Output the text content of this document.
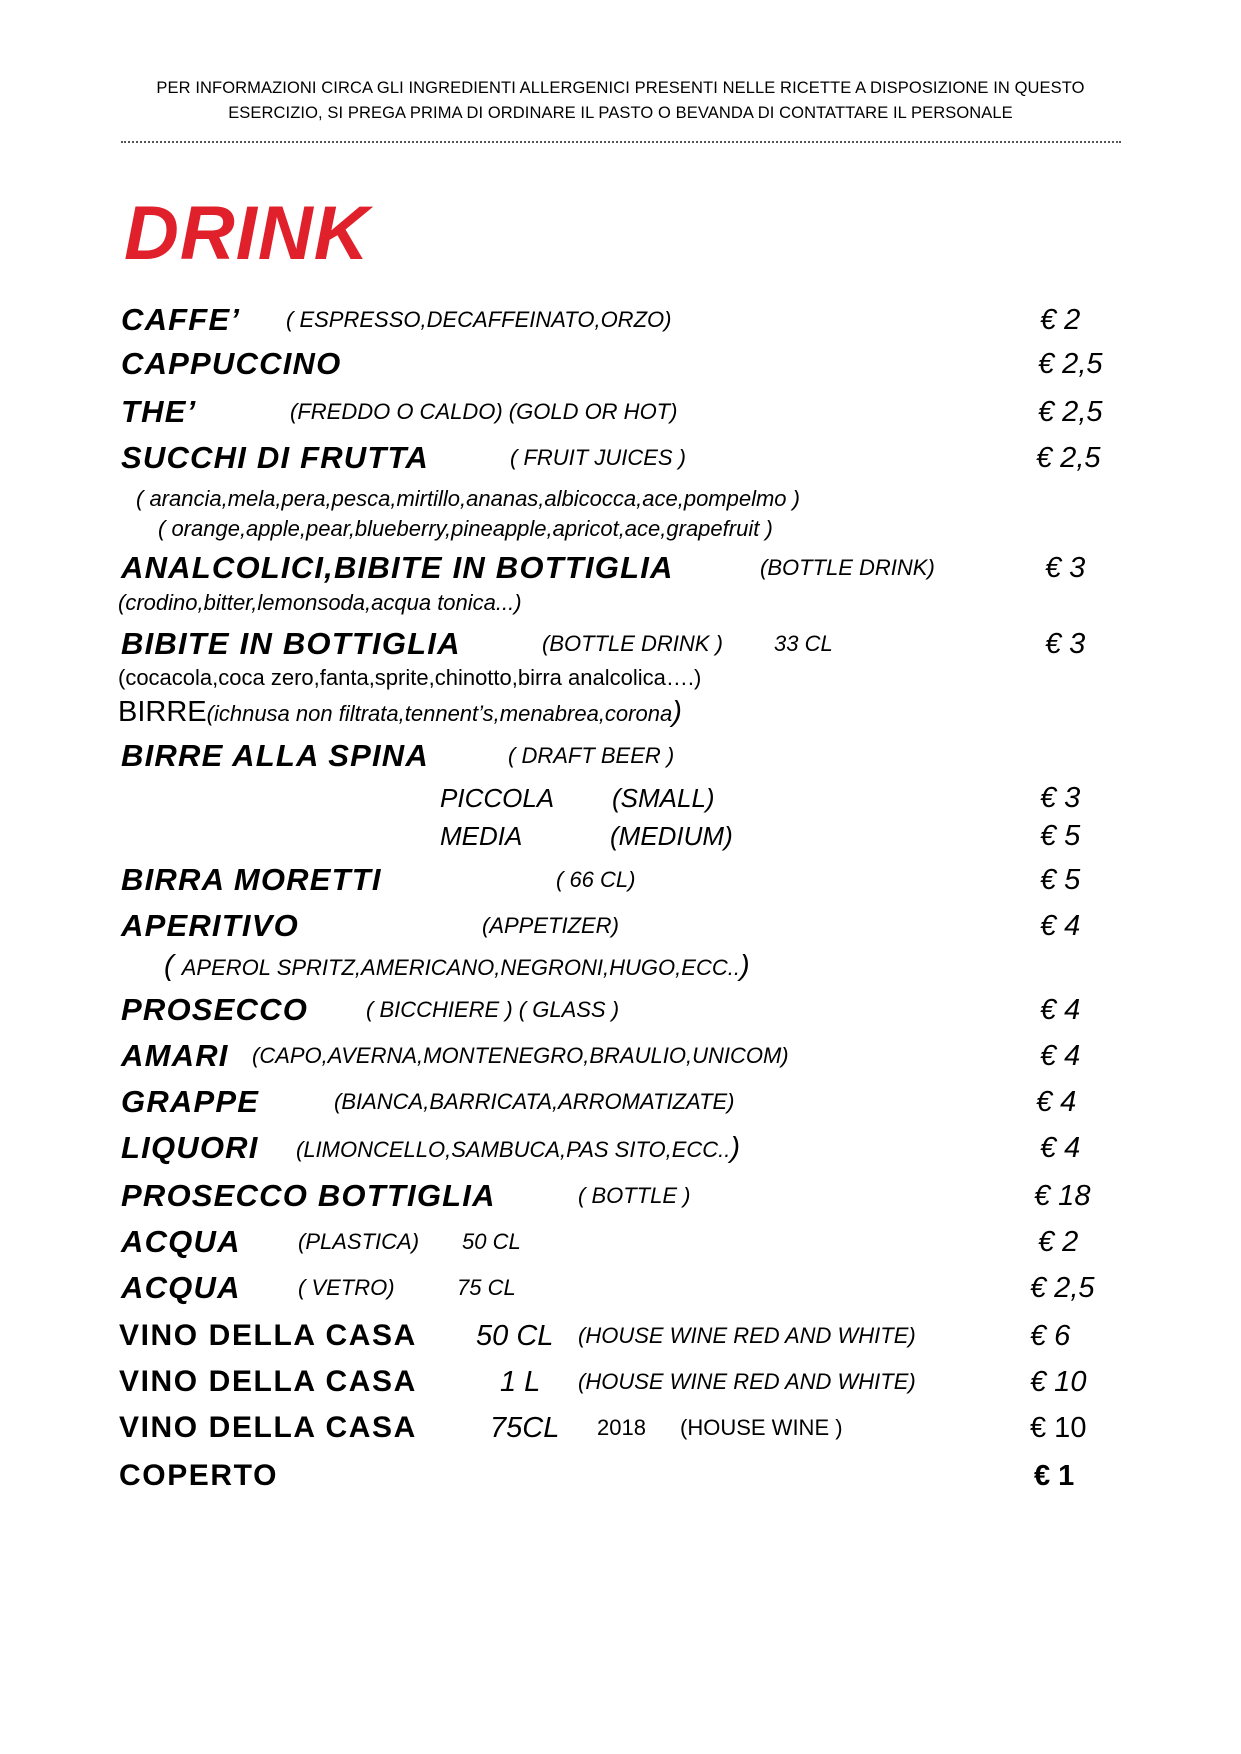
PER INFORMAZIONI CIRCA GLI INGREDIENTI ALLERGENICI PRESENTI NELLE RICETTE A DISPOSIZIONE IN QUESTO
ESERCIZIO, SI PREGA PRIMA DI ORDINARE IL PASTO O BEVANDA DI CONTATTARE IL PERSONALE
DRINK
CAFFE’ ( ESPRESSO,DECAFFEINATO,ORZO)	€ 2
CAPPUCCINO	€ 2,5
THE’	(FREDDO O CALDO) (GOLD OR HOT)	€ 2,5
SUCCHI DI FRUTTA	( FRUIT JUICES )	€ 2,5
( arancia,mela,pera,pesca,mirtillo,ananas,albicocca,ace,pompelmo )
( orange,apple,pear,blueberry,pineapple,apricot,ace,grapefruit )
ANALCOLICI,BIBITE IN BOTTIGLIA	(BOTTLE DRINK)	€ 3
(crodino,bitter,lemonsoda,acqua tonica...)
BIBITE IN BOTTIGLIA	(BOTTLE DRINK ) 33 CL	€ 3
(cocacola,coca zero,fanta,sprite,chinotto,birra analcolica….)
BIRRE(ichnusa non filtrata,tennent’s,menabrea,corona)
BIRRE ALLA SPINA	( DRAFT BEER )
PICCOLA (SMALL)	€ 3
MEDIA	(MEDIUM)	€ 5
BIRRA MORETTI	( 66 CL)	€ 5
APERITIVO	(APPETIZER)	€ 4
( APEROL SPRITZ,AMERICANO,NEGRONI,HUGO,ECC..)
PROSECCO	( BICCHIERE ) ( GLASS )	€ 4
AMARI (CAPO,AVERNA,MONTENEGRO,BRAULIO,UNICOM)	€ 4
GRAPPE	(BIANCA,BARRICATA,ARROMATIZATE)	€ 4
LIQUORI (LIMONCELLO,SAMBUCA,PAS SITO,ECC..)	€ 4
PROSECCO BOTTIGLIA	( BOTTLE )	€ 18
ACQUA	(PLASTICA) 50 CL	€ 2
ACQUA	( VETRO)	75 CL	€ 2,5
VINO DELLA CASA 50 CL (HOUSE WINE RED AND WHITE)	€ 6
VINO DELLA CASA	1 L (HOUSE WINE RED AND WHITE)	€ 10
VINO DELLA CASA	75CL 2018 (HOUSE WINE )	€ 10
COPERTO	€ 1
